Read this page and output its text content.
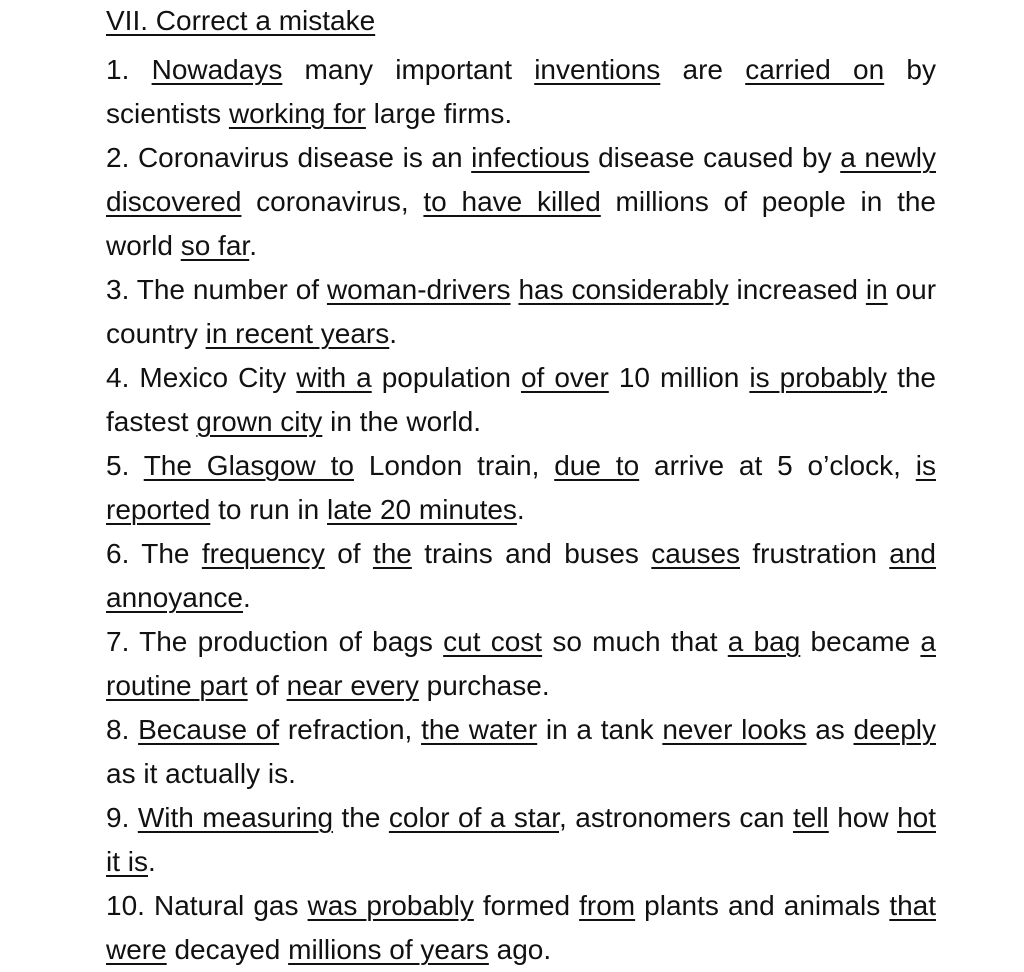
VII. Correct a mistake

1. Nowadays many important inventions are carried on by scientists working for large firms.

2. Coronavirus disease is an infectious disease caused by a newly discovered coronavirus, to have killed millions of people in the world so far.

3. The number of woman-drivers has considerably increased in our country in recent years.

4. Mexico City with a population of over 10 million is probably the fastest grown city in the world.

5. The Glasgow to London train, due to arrive at 5 o’clock, is reported to run in late 20 minutes.

6. The frequency of the trains and buses causes frustration and annoyance.

7. The production of bags cut cost so much that a bag became a routine part of near every purchase.

8. Because of refraction, the water in a tank never looks as deeply as it actually is.

9. With measuring the color of a star, astronomers can tell how hot it is.

10. Natural gas was probably formed from plants and animals that were decayed millions of years ago.
